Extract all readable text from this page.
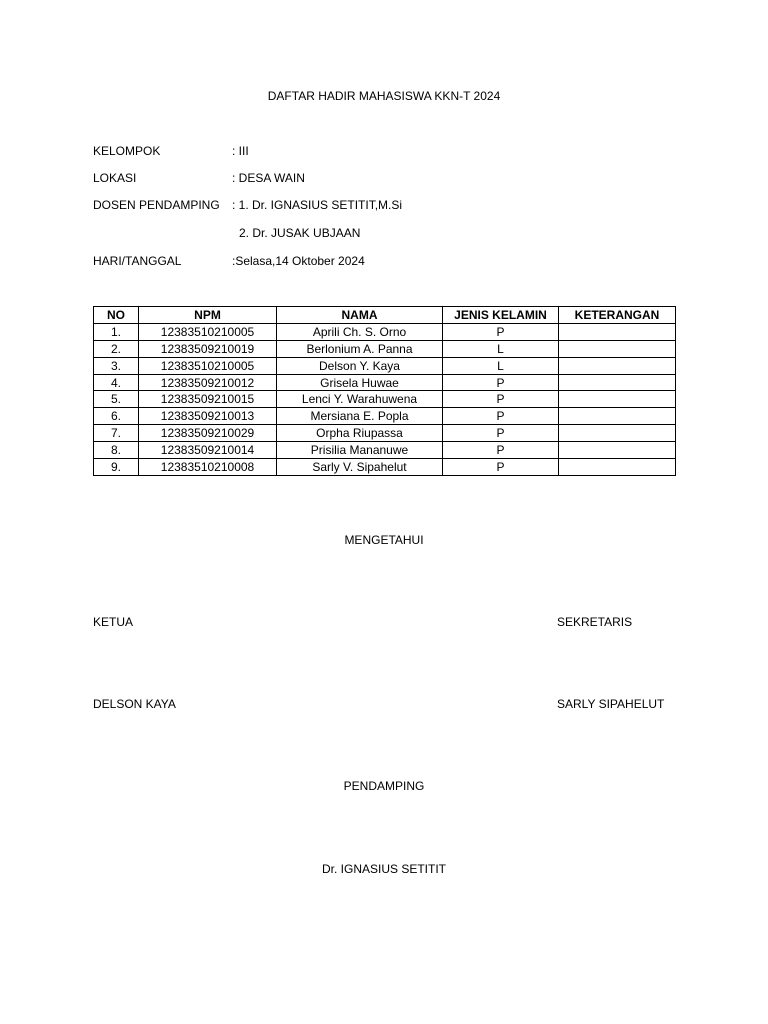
DAFTAR HADIR MAHASISWA KKN-T 2024
KELOMPOK	: III
LOKASI	: DESA WAIN
DOSEN PENDAMPING : 1. Dr. IGNASIUS SETITIT,M.Si
2. Dr. JUSAK UBJAAN
HARI/TANGGAL	:Selasa,14 Oktober 2024
NO	NPM	NAMA	JENIS KELAMIN	KETERANGAN
1.	12383510210005	Aprili Ch. S. Orno	P	
2.	12383509210019	Berlonium A. Panna	L	
3.	12383510210005	Delson Y. Kaya	L	
4.	12383509210012	Grisela Huwae	P	
5.	12383509210015	Lenci Y. Warahuwena	P	
6.	12383509210013	Mersiana E. Popla	P	
7.	12383509210029	Orpha Riupassa	P	
8.	12383509210014	Prisilia Mananuwe	P	
9.	12383510210008	Sarly V. Sipahelut	P	
MENGETAHUI
KETUA	SEKRETARIS
DELSON KAYA	SARLY SIPAHELUT
PENDAMPING
Dr. IGNASIUS SETITIT
